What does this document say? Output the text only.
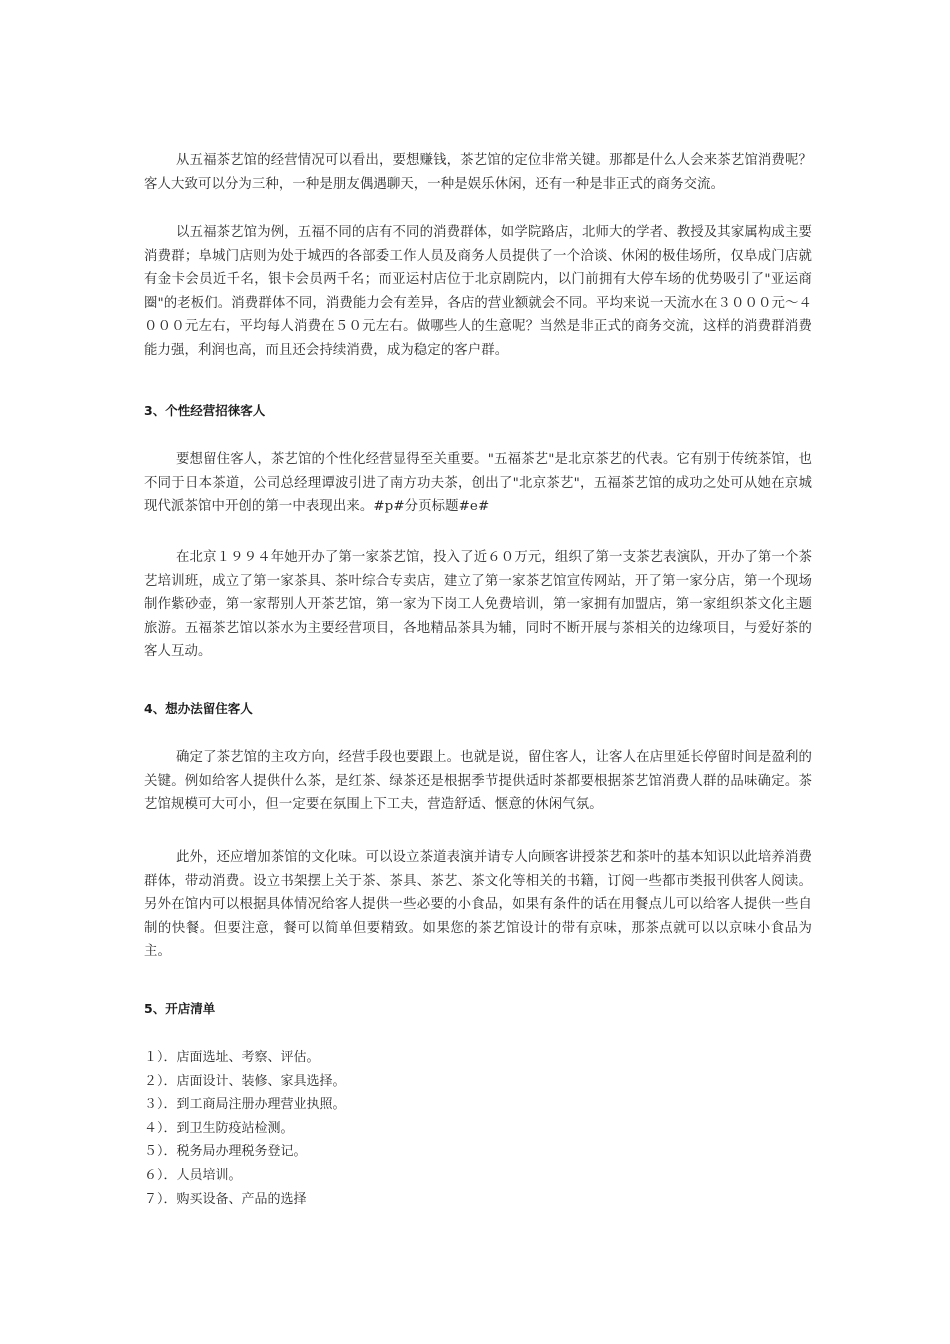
从五福茶艺馆的经营情况可以看出，要想赚钱，茶艺馆的定位非常关键。那都是什么人会来茶艺馆消费呢？客人大致可以分为三种，一种是朋友偶遇聊天，一种是娱乐休闲，还有一种是非正式的商务交流。

以五福茶艺馆为例，五福不同的店有不同的消费群体，如学院路店，北师大的学者、教授及其家属构成主要消费群；阜城门店则为处于城西的各部委工作人员及商务人员提供了一个洽谈、休闲的极佳场所，仅阜成门店就有金卡会员近千名，银卡会员两千名；而亚运村店位于北京剧院内，以门前拥有大停车场的优势吸引了"亚运商圈"的老板们。消费群体不同，消费能力会有差异，各店的营业额就会不同。平均来说一天流水在３０００元～４０００元左右，平均每人消费在５０元左右。做哪些人的生意呢？当然是非正式的商务交流，这样的消费群消费能力强，利润也高，而且还会持续消费，成为稳定的客户群。

3、个性经营招徕客人

要想留住客人，茶艺馆的个性化经营显得至关重要。"五福茶艺"是北京茶艺的代表。它有别于传统茶馆，也不同于日本茶道，公司总经理谭波引进了南方功夫茶，创出了"北京茶艺"，五福茶艺馆的成功之处可从她在京城现代派茶馆中开创的第一中表现出来。#p#分页标题#e#

在北京１９９４年她开办了第一家茶艺馆，投入了近６０万元，组织了第一支茶艺表演队，开办了第一个茶艺培训班，成立了第一家茶具、茶叶综合专卖店，建立了第一家茶艺馆宣传网站，开了第一家分店，第一个现场制作紫砂壶，第一家帮别人开茶艺馆，第一家为下岗工人免费培训，第一家拥有加盟店，第一家组织茶文化主题旅游。五福茶艺馆以茶水为主要经营项目，各地精品茶具为辅，同时不断开展与茶相关的边缘项目，与爱好茶的客人互动。

4、想办法留住客人

确定了茶艺馆的主攻方向，经营手段也要跟上。也就是说，留住客人，让客人在店里延长停留时间是盈利的关键。例如给客人提供什么茶，是红茶、绿茶还是根据季节提供适时茶都要根据茶艺馆消费人群的品味确定。茶艺馆规模可大可小，但一定要在氛围上下工夫，营造舒适、惬意的休闲气氛。

此外，还应增加茶馆的文化味。可以设立茶道表演并请专人向顾客讲授茶艺和茶叶的基本知识以此培养消费群体，带动消费。设立书架摆上关于茶、茶具、茶艺、茶文化等相关的书籍，订阅一些都市类报刊供客人阅读。另外在馆内可以根据具体情况给客人提供一些必要的小食品，如果有条件的话在用餐点儿可以给客人提供一些自制的快餐。但要注意，餐可以简单但要精致。如果您的茶艺馆设计的带有京味，那茶点就可以以京味小食品为主。

5、开店清单
１）．店面选址、考察、评估。
２）．店面设计、装修、家具选择。
３）．到工商局注册办理营业执照。
４）．到卫生防疫站检测。
５）．税务局办理税务登记。
６）．人员培训。
７）．购买设备、产品的选择
